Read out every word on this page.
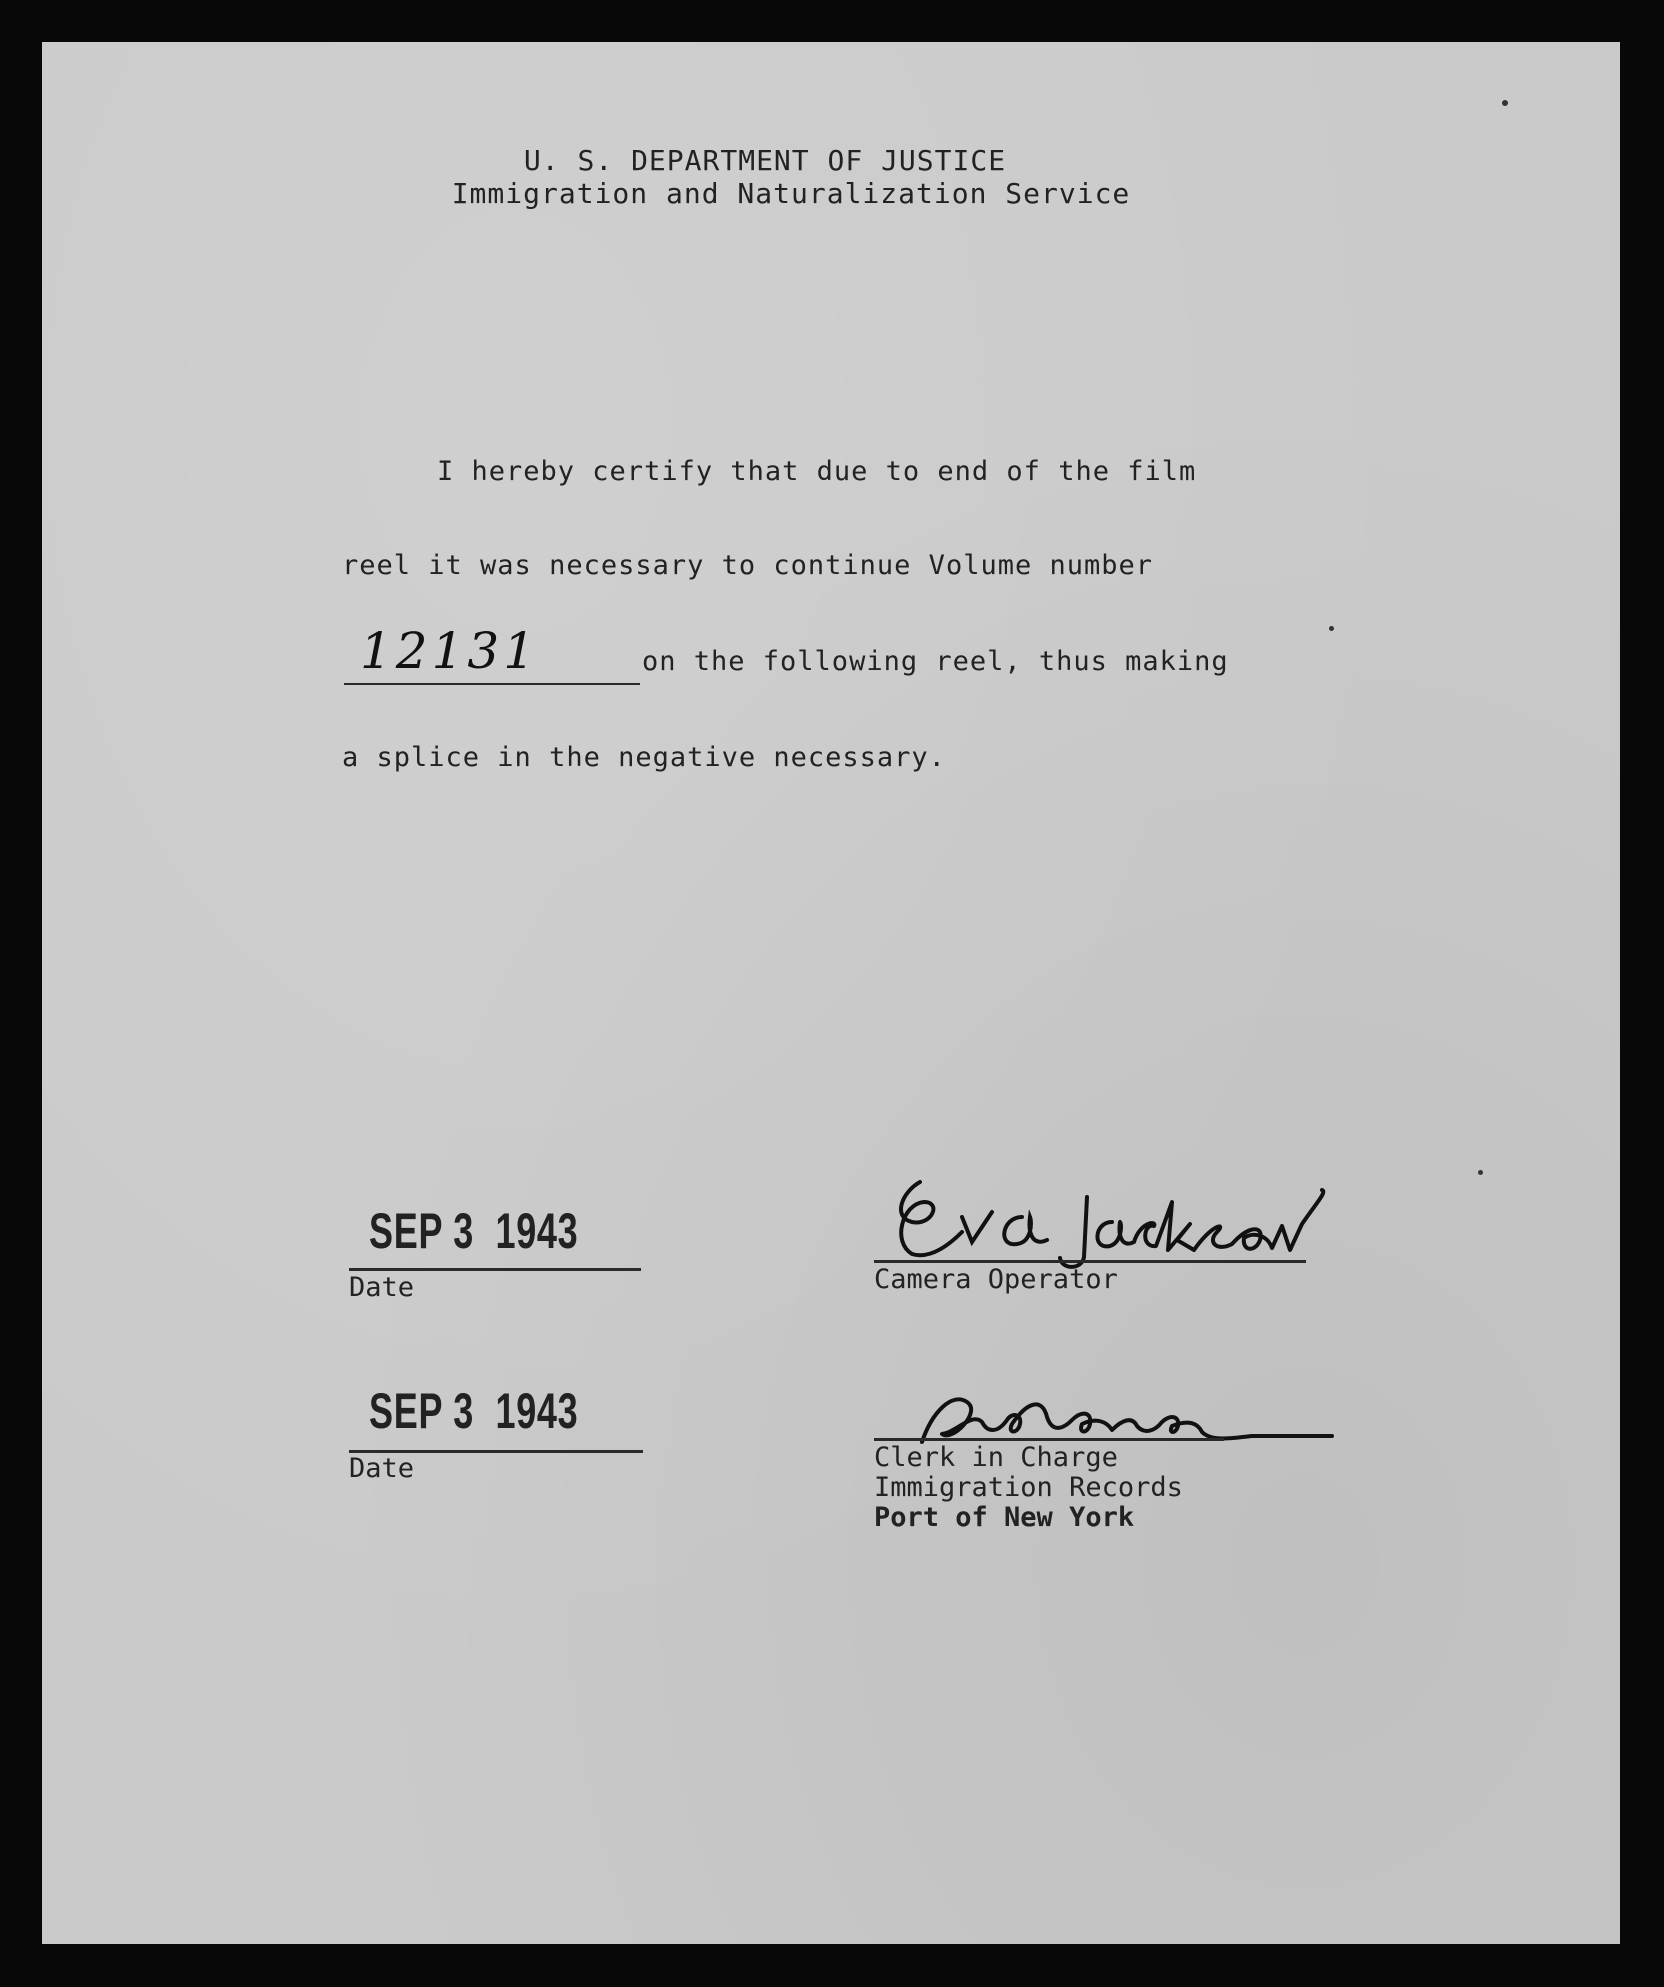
U. S. DEPARTMENT OF JUSTICE
Immigration and Naturalization Service
I hereby certify that due to end of the film
reel it was necessary to continue Volume number
12131	on the following reel, thus making
a splice in the negative necessary.
SEP 3  1943
Date
SEP 3  1943
Date
Camera Operator
Clerk in Charge
Immigration Records
Port of New York
